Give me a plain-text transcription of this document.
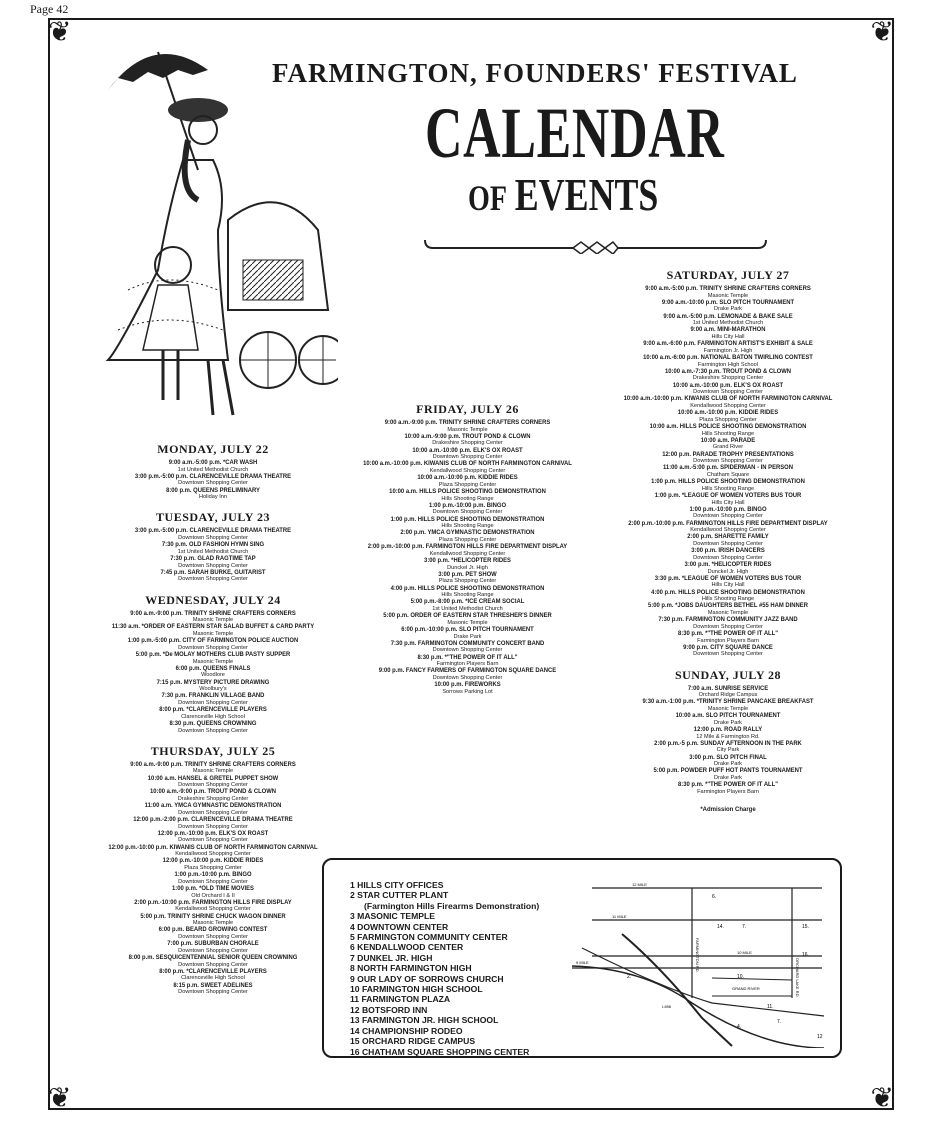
Page 42
❦	❦
❦	❦
FARMINGTON, FOUNDERS' FESTIVAL
CALENDAR
OF EVENTS
MONDAY, JULY 22
9:00 a.m.-5:00 p.m. *CAR WASH
1st United Methodist Church
3:00 p.m.-5:00 p.m. CLARENCEVILLE DRAMA THEATRE
Downtown Shopping Center
8:00 p.m. QUEENS PRELIMINARY
Holiday Inn
TUESDAY, JULY 23
3:00 p.m.-5:00 p.m. CLARENCEVILLE DRAMA THEATRE
Downtown Shopping Center
7:30 p.m. OLD FASHION HYMN SING
1st United Methodist Church
7:30 p.m. GLAD RAGTIME TAP
Downtown Shopping Center
7:45 p.m. SARAH BURKE, GUITARIST
Downtown Shopping Center
WEDNESDAY, JULY 24
9:00 a.m.-9:00 p.m. TRINITY SHRINE CRAFTERS CORNERS
Masonic Temple
11:30 a.m. *ORDER OF EASTERN STAR SALAD BUFFET & CARD PARTY
Masonic Temple
1:00 p.m.-5:00 p.m. CITY OF FARMINGTON POLICE AUCTION
Downtown Shopping Center
5:00 p.m. *De MOLAY MOTHERS CLUB PASTY SUPPER
Masonic Temple
6:00 p.m. QUEENS FINALS
Woodlore
7:15 p.m. MYSTERY PICTURE DRAWING
Woolbury's
7:30 p.m. FRANKLIN VILLAGE BAND
Downtown Shopping Center
8:00 p.m. *CLARENCEVILLE PLAYERS
Clarenceville High School
8:30 p.m. QUEENS CROWNING
Downtown Shopping Center
THURSDAY, JULY 25
9:00 a.m.-9:00 p.m. TRINITY SHRINE CRAFTERS CORNERS
Masonic Temple
10:00 a.m. HANSEL & GRETEL PUPPET SHOW
Downtown Shopping Center
10:00 a.m.-9:00 p.m. TROUT POND & CLOWN
Drakeshire Shopping Center
11:00 a.m. YMCA GYMNASTIC DEMONSTRATION
Downtown Shopping Center
12:00 p.m.-2:00 p.m. CLARENCEVILLE DRAMA THEATRE
Downtown Shopping Center
12:00 p.m.-10:00 p.m. ELK'S OX ROAST
Downtown Shopping Center
12:00 p.m.-10:00 p.m. KIWANIS CLUB OF NORTH FARMINGTON CARNIVAL
Kendallwood Shopping Center
12:00 p.m.-10:00 p.m. KIDDIE RIDES
Plaza Shopping Center
1:00 p.m.-10:00 p.m. BINGO
Downtown Shopping Center
1:00 p.m. *OLD TIME MOVIES
Old Orchard I & II
2:00 p.m.-10:00 p.m. FARMINGTON HILLS FIRE DISPLAY
Kendallwood Shopping Center
5:00 p.m. TRINITY SHRINE CHUCK WAGON DINNER
Masonic Temple
6:00 p.m. BEARD GROWING CONTEST
Downtown Shopping Center
7:00 p.m. SUBURBAN CHORALE
Downtown Shopping Center
8:00 p.m. SESQUICENTENNIAL SENIOR QUEEN CROWNING
Downtown Shopping Center
8:00 p.m. *CLARENCEVILLE PLAYERS
Clarenceville High School
8:15 p.m. SWEET ADELINES
Downtown Shopping Center
FRIDAY, JULY 26
9:00 a.m.-9:00 p.m. TRINITY SHRINE CRAFTERS CORNERS
Masonic Temple
10:00 a.m.-9:00 p.m. TROUT POND & CLOWN
Drakeshire Shopping Center
10:00 a.m.-10:00 p.m. ELK'S OX ROAST
Downtown Shopping Center
10:00 a.m.-10:00 p.m. KIWANIS CLUB OF NORTH FARMINGTON CARNIVAL
Kendallwood Shopping Center
10:00 a.m.-10:00 p.m. KIDDIE RIDES
Plaza Shopping Center
10:00 a.m. HILLS POLICE SHOOTING DEMONSTRATION
Hills Shooting Range
1:00 p.m.-10:00 p.m. BINGO
Downtown Shopping Center
1:00 p.m. HILLS POLICE SHOOTING DEMONSTRATION
Hills Shooting Range
2:00 p.m. YMCA GYMNASTIC DEMONSTRATION
Plaza Shopping Center
2:00 p.m.-10:00 p.m. FARMINGTON HILLS FIRE DEPARTMENT DISPLAY
Kendallwood Shopping Center
3:00 p.m. *HELICOPTER RIDES
Dunckel Jr. High
3:00 p.m. PET SHOW
Plaza Shopping Center
4:00 p.m. HILLS POLICE SHOOTING DEMONSTRATION
Hills Shooting Range
5:00 p.m.-8:00 p.m. *ICE CREAM SOCIAL
1st United Methodist Church
5:00 p.m. ORDER OF EASTERN STAR THRESHER'S DINNER
Masonic Temple
6:00 p.m.-10:00 p.m. SLO PITCH TOURNAMENT
Drake Park
7:30 p.m. FARMINGTON COMMUNITY CONCERT BAND
Downtown Shopping Center
8:30 p.m. *"THE POWER OF IT ALL"
Farmington Players Barn
9:00 p.m. FANCY FARMERS OF FARMINGTON SQUARE DANCE
Downtown Shopping Center
10:00 p.m. FIREWORKS
Sorrows Parking Lot
SATURDAY, JULY 27
9:00 a.m.-5:00 p.m. TRINITY SHRINE CRAFTERS CORNERS
Masonic Temple
9:00 a.m.-10:00 p.m. SLO PITCH TOURNAMENT
Drake Park
9:00 a.m.-5:00 p.m. LEMONADE & BAKE SALE
1st United Methodist Church
9:00 a.m. MINI-MARATHON
Hills City Hall
9:00 a.m.-6:00 p.m. FARMINGTON ARTIST'S EXHIBIT & SALE
Farmington Jr. High
10:00 a.m.-6:00 p.m. NATIONAL BATON TWIRLING CONTEST
Farmington High School
10:00 a.m.-7:30 p.m. TROUT POND & CLOWN
Drakeshire Shopping Center
10:00 a.m.-10:00 p.m. ELK'S OX ROAST
Downtown Shopping Center
10:00 a.m.-10:00 p.m. KIWANIS CLUB OF NORTH FARMINGTON CARNIVAL
Kendallwood Shopping Center
10:00 a.m.-10:00 p.m. KIDDIE RIDES
Plaza Shopping Center
10:00 a.m. HILLS POLICE SHOOTING DEMONSTRATION
Hills Shooting Range
10:00 a.m. PARADE
Grand River
12:00 p.m. PARADE TROPHY PRESENTATIONS
Downtown Shopping Center
11:00 a.m.-5:00 p.m. SPIDERMAN - IN PERSON
Chatham Square
1:00 p.m. HILLS POLICE SHOOTING DEMONSTRATION
Hills Shooting Range
1:00 p.m. *LEAGUE OF WOMEN VOTERS BUS TOUR
Hills City Hall
1:00 p.m.-10:00 p.m. BINGO
Downtown Shopping Center
2:00 p.m.-10:00 p.m. FARMINGTON HILLS FIRE DEPARTMENT DISPLAY
Kendallwood Shopping Center
2:00 p.m. SHARETTE FAMILY
Downtown Shopping Center
3:00 p.m. IRISH DANCERS
Downtown Shopping Center
3:00 p.m. *HELICOPTER RIDES
Dunckel Jr. High
3:30 p.m. *LEAGUE OF WOMEN VOTERS BUS TOUR
Hills City Hall
4:00 p.m. HILLS POLICE SHOOTING DEMONSTRATION
Hills Shooting Range
5:00 p.m. *JOBS DAUGHTERS BETHEL #55 HAM DINNER
Masonic Temple
7:30 p.m. FARMINGTON COMMUNITY JAZZ BAND
Downtown Shopping Center
8:30 p.m. *"THE POWER OF IT ALL"
Farmington Players Barn
9:00 p.m. CITY SQUARE DANCE
Downtown Shopping Center
SUNDAY, JULY 28
7:00 a.m. SUNRISE SERVICE
Orchard Ridge Campus
9:30 a.m.-1:00 p.m. *TRINITY SHRINE PANCAKE BREAKFAST
Masonic Temple
10:00 a.m. SLO PITCH TOURNAMENT
Drake Park
12:00 p.m. ROAD RALLY
12 Mile & Farmington Rd.
2:00 p.m.-5 p.m. SUNDAY AFTERNOON IN THE PARK
City Park
3:00 p.m. SLO PITCH FINAL
Drake Park
5:00 p.m. POWDER PUFF HOT PANTS TOURNAMENT
Drake Park
8:30 p.m. *"THE POWER OF IT ALL"
Farmington Players Barn
*Admission Charge
1 HILLS CITY OFFICES
2 STAR CUTTER PLANT
(Farmington Hills Firearms Demonstration)
3 MASONIC TEMPLE
4 DOWNTOWN CENTER
5 FARMINGTON COMMUNITY CENTER
6 KENDALLWOOD CENTER
7 DUNKEL JR. HIGH
8 NORTH FARMINGTON HIGH
9 OUR LADY OF SORROWS CHURCH
10 FARMINGTON HIGH SCHOOL
11 FARMINGTON PLAZA
12 BOTSFORD INN
13 FARMINGTON JR. HIGH SCHOOL
14 CHAMPIONSHIP RODEO
15 ORCHARD RIDGE CAMPUS
16 CHATHAM SQUARE SHOPPING CENTER
12 MILE
11 MILE
10 MILE
9 MILE
GRAND RIVER
FARMINGTON RD.
ORCHARD LAKE RD.
I-696
6.
14.	7.	15.
16.
2.	10.
11.
7.
4.
12
